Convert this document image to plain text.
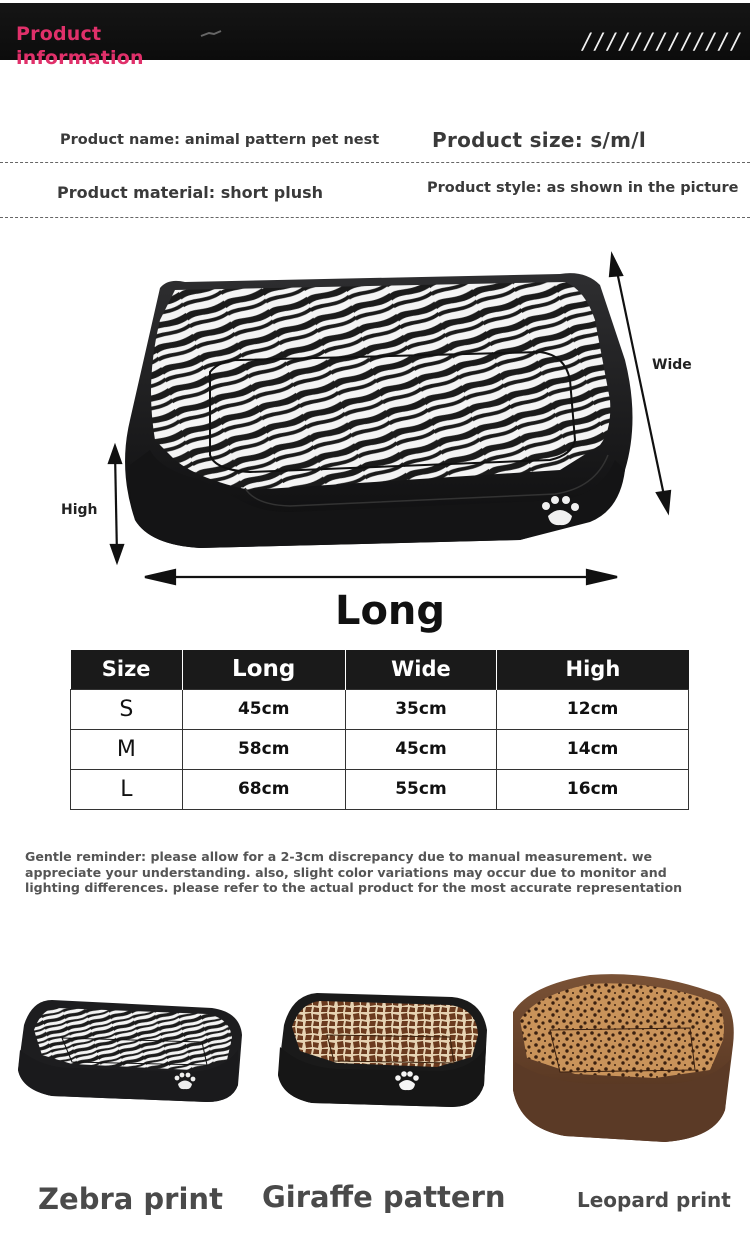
Product information
/////////////
Product name: animal pattern pet nest	Product size: s/m/l
Product material: short plush	Product style: as shown in the picture
Wide
High
Long
Size	Long	Wide	High
S	45cm	35cm	12cm
M	58cm	45cm	14cm
L	68cm	55cm	16cm
Gentle reminder: please allow for a 2-3cm discrepancy due to manual measurement. we appreciate your understanding. also, slight color variations may occur due to monitor and lighting differences. please refer to the actual product for the most accurate representation
Zebra print Giraffe pattern	Leopard print
